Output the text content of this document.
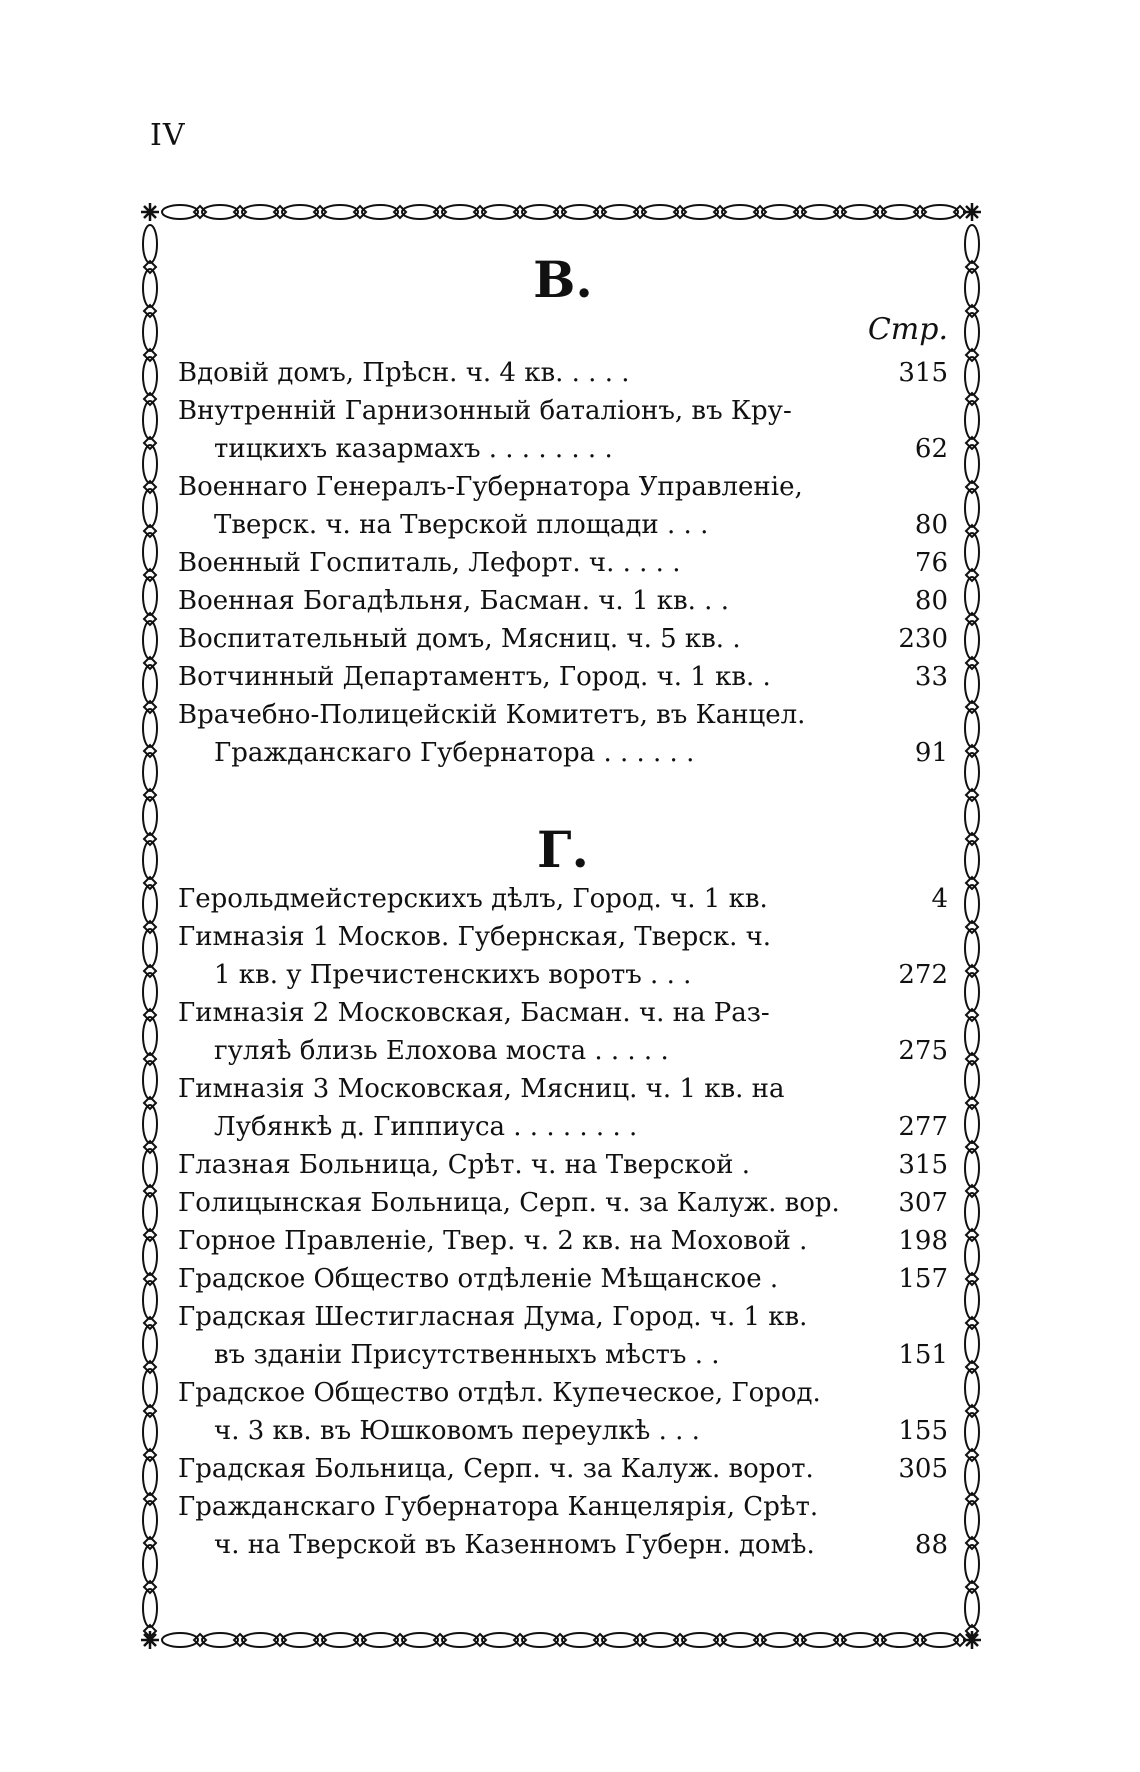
IV
В.
Стр.
Вдовій домъ, Прѣсн. ч. 4 кв. . . . .	315
Внутренній Гарнизонный баталіонъ, въ Кру-
тицкихъ казармахъ . . . . . . . .	62
Военнаго Генералъ-Губернатора Управленіе,
Тверск. ч. на Тверской площади . . .	80
Военный Госпиталь, Лефорт. ч. . . . .	76
Военная Богадѣльня, Басман. ч. 1 кв. . .	80
Воспитательный домъ, Мясниц. ч. 5 кв. .	230
Вотчинный Департаментъ, Город. ч. 1 кв. .	33
Врачебно-Полицейскій Комитетъ, въ Канцел.
Гражданскаго Губернатора . . . . . .	91
Г.
Герольдмейстерскихъ дѣлъ, Город. ч. 1 кв.	4
Гимназія 1 Москов. Губернская, Тверск. ч.
1 кв. у Пречистенскихъ воротъ . . .	272
Гимназія 2 Московская, Басман. ч. на Раз-
гуляѣ близь Елохова моста . . . . .	275
Гимназія 3 Московская, Мясниц. ч. 1 кв. на
Лубянкѣ д. Гиппиуса . . . . . . . .	277
Глазная Больница, Срѣт. ч. на Тверской .	315
Голицынская Больница, Серп. ч. за Калуж. вор.	307
Горное Правленіе, Твер. ч. 2 кв. на Моховой .	198
Градское Общество отдѣленіе Мѣщанское .	157
Градская Шестигласная Дума, Город. ч. 1 кв.
въ зданіи Присутственныхъ мѣстъ . .	151
Градское Общество отдѣл. Купеческое, Город.
ч. 3 кв. въ Юшковомъ переулкѣ . . .	155
Градская Больница, Серп. ч. за Калуж. ворот.	305
Гражданскаго Губернатора Канцелярія, Срѣт.
ч. на Тверской въ Казенномъ Губерн. домѣ.	88
